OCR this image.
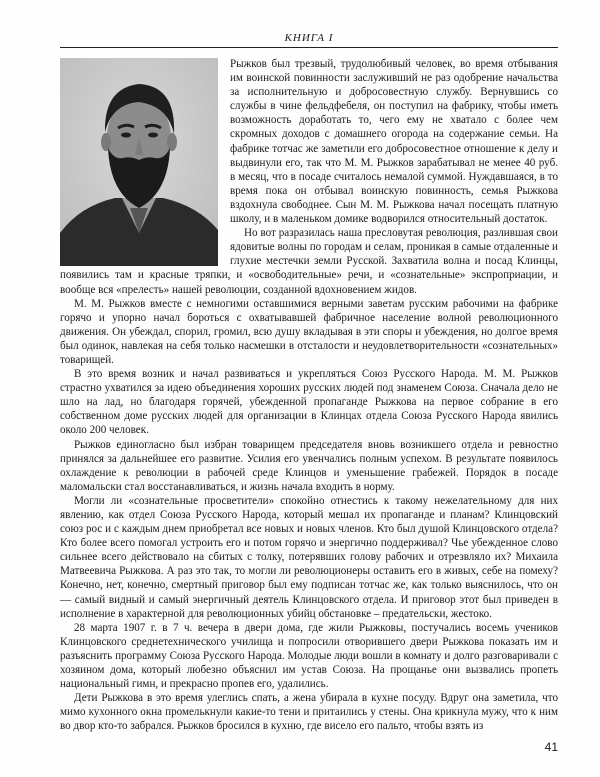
КНИГА I

Рыжков был трезвый, трудолюбивый человек, во время отбывания им воинской повинности заслуживший не раз одобрение начальства за исполнительную и добросовестную службу. Вернувшись со службы в чине фельдфебеля, он поступил на фабрику, чтобы иметь возможность доработать то, чего ему не хватало с более чем скромных доходов с домашнего огорода на содержание семьи. На фабрике тотчас же заметили его добросовестное отношение к делу и выдвинули его, так что М. М. Рыжков зарабатывал не менее 40 руб. в месяц, что в посаде считалось немалой суммой. Нуждавшаяся, в то время пока он отбывал воинскую повинность, семья Рыжкова вздохнула свободнее. Сын М. М. Рыжкова начал посещать платную школу, и в маленьком домике водворился относительный достаток.

Но вот разразилась наша пресловутая революция, разлившая свои ядовитые волны по городам и селам, проникая в самые отдаленные и глухие местечки земли Русской. Захватила волна и посад Клинцы, появились там и красные тряпки, и «освободительные» речи, и «сознательные» экспроприации, и вообще вся «прелесть» нашей революции, созданной вдохновением жидов.

М. М. Рыжков вместе с немногими оставшимися верными заветам русским рабочими на фабрике горячо и упорно начал бороться с охватывавшей фабричное население волной революционного движения. Он убеждал, спорил, громил, всю душу вкладывая в эти споры и убеждения, но долгое время был одинок, навлекая на себя только насмешки в отсталости и неудовлетворительности «сознательных» товарищей.

В это время возник и начал развиваться и укрепляться Союз Русского Народа. М. М. Рыжков страстно ухватился за идею объединения хороших русских людей под знаменем Союза. Сначала дело не шло на лад, но благодаря горячей, убежденной пропаганде Рыжкова на первое собрание в его собственном доме русских людей для организации в Клинцах отдела Союза Русского Народа явились около 200 человек.

Рыжков единогласно был избран товарищем председателя вновь возникшего отдела и ревностно принялся за дальнейшее его развитие. Усилия его увенчались полным успехом. В результате появилось охлаждение к революции в рабочей среде Клинцов и уменьшение грабежей. Порядок в посаде маломальски стал восстанавливаться, и жизнь начала входить в норму.

Могли ли «сознательные просветители» спокойно отнестись к такому нежелательному для них явлению, как отдел Союза Русского Народа, который мешал их пропаганде и планам? Клинцовский союз рос и с каждым днем приобретал все новых и новых членов. Кто был душой Клинцовского отдела? Кто более всего помогал устроить его и потом горячо и энергично поддерживал? Чье убежденное слово сильнее всего действовало на сбитых с толку, потерявших голову рабочих и отрезвляло их? Михаила Матвеевича Рыжкова. А раз это так, то могли ли революционеры оставить его в живых, себе на помеху? Конечно, нет, конечно, смертный приговор был ему подписан тотчас же, как только выяснилось, что он — самый видный и самый энергичный деятель Клинцовского отдела. И приговор этот был приведен в исполнение в характерной для революционных убийц обстановке – предательски, жестоко.

28 марта 1907 г. в 7 ч. вечера в двери дома, где жили Рыжковы, постучались восемь учеников Клинцовского среднетехнического училища и попросили отворившего двери Рыжкова показать им и разъяснить программу Союза Русского Народа. Молодые люди вошли в комнату и долго разговаривали с хозяином дома, который любезно объяснил им устав Союза. На прощанье они вызвались пропеть национальный гимн, и прекрасно пропев его, удалились.

Дети Рыжкова в это время улеглись спать, а жена убирала в кухне посуду. Вдруг она заметила, что мимо кухонного окна промелькнули какие-то тени и притаились у стены. Она крикнула мужу, что к ним во двор кто-то забрался. Рыжков бросился в кухню, где висело его пальто, чтобы взять из

41
